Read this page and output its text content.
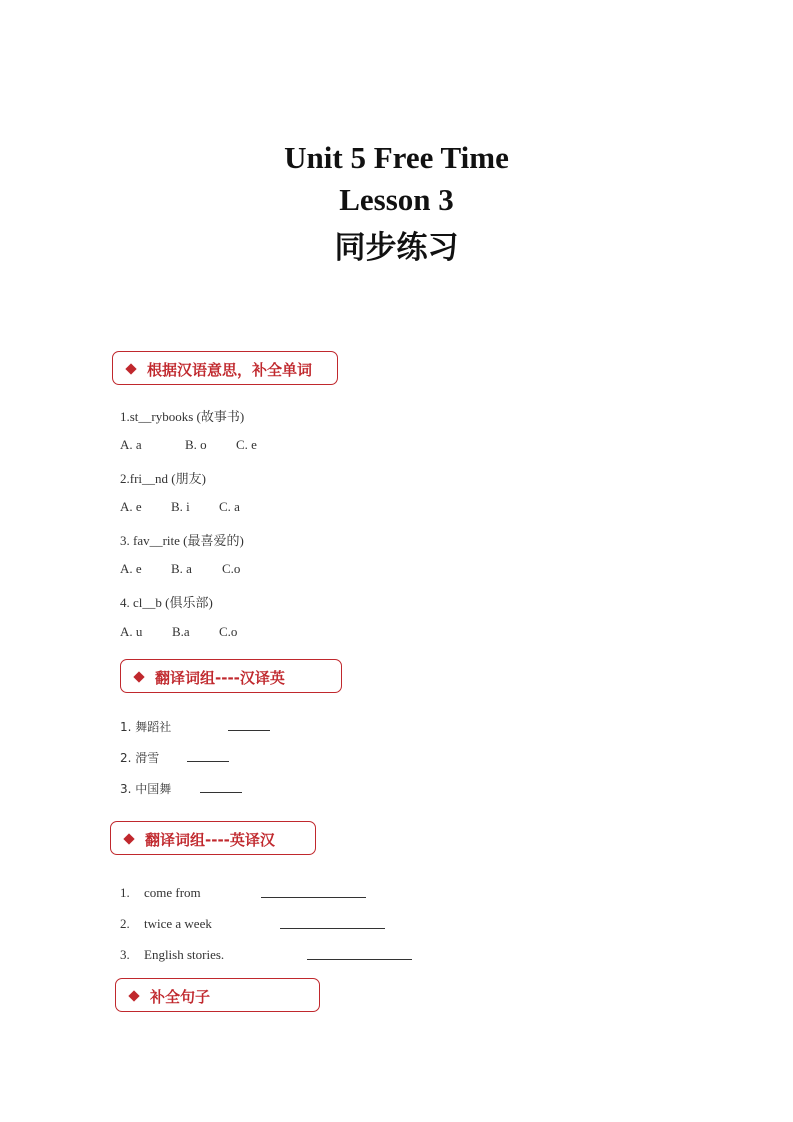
Unit 5 Free Time
Lesson 3
同步练习
根据汉语意思，补全单词
1.st__rybooks (故事书)
A. a	B. o C. e
2.fri__nd (朋友)
A. e B. i C. a
3. fav__rite (最喜爱的)
A. e B. a C.o
4. cl__b (俱乐部)
A. u B.a C.o
翻译词组----汉译英
1. 舞蹈社
2. 滑雪
3. 中国舞
翻译词组----英译汉
1. come from
2. twice a week
3. English stories.
补全句子
